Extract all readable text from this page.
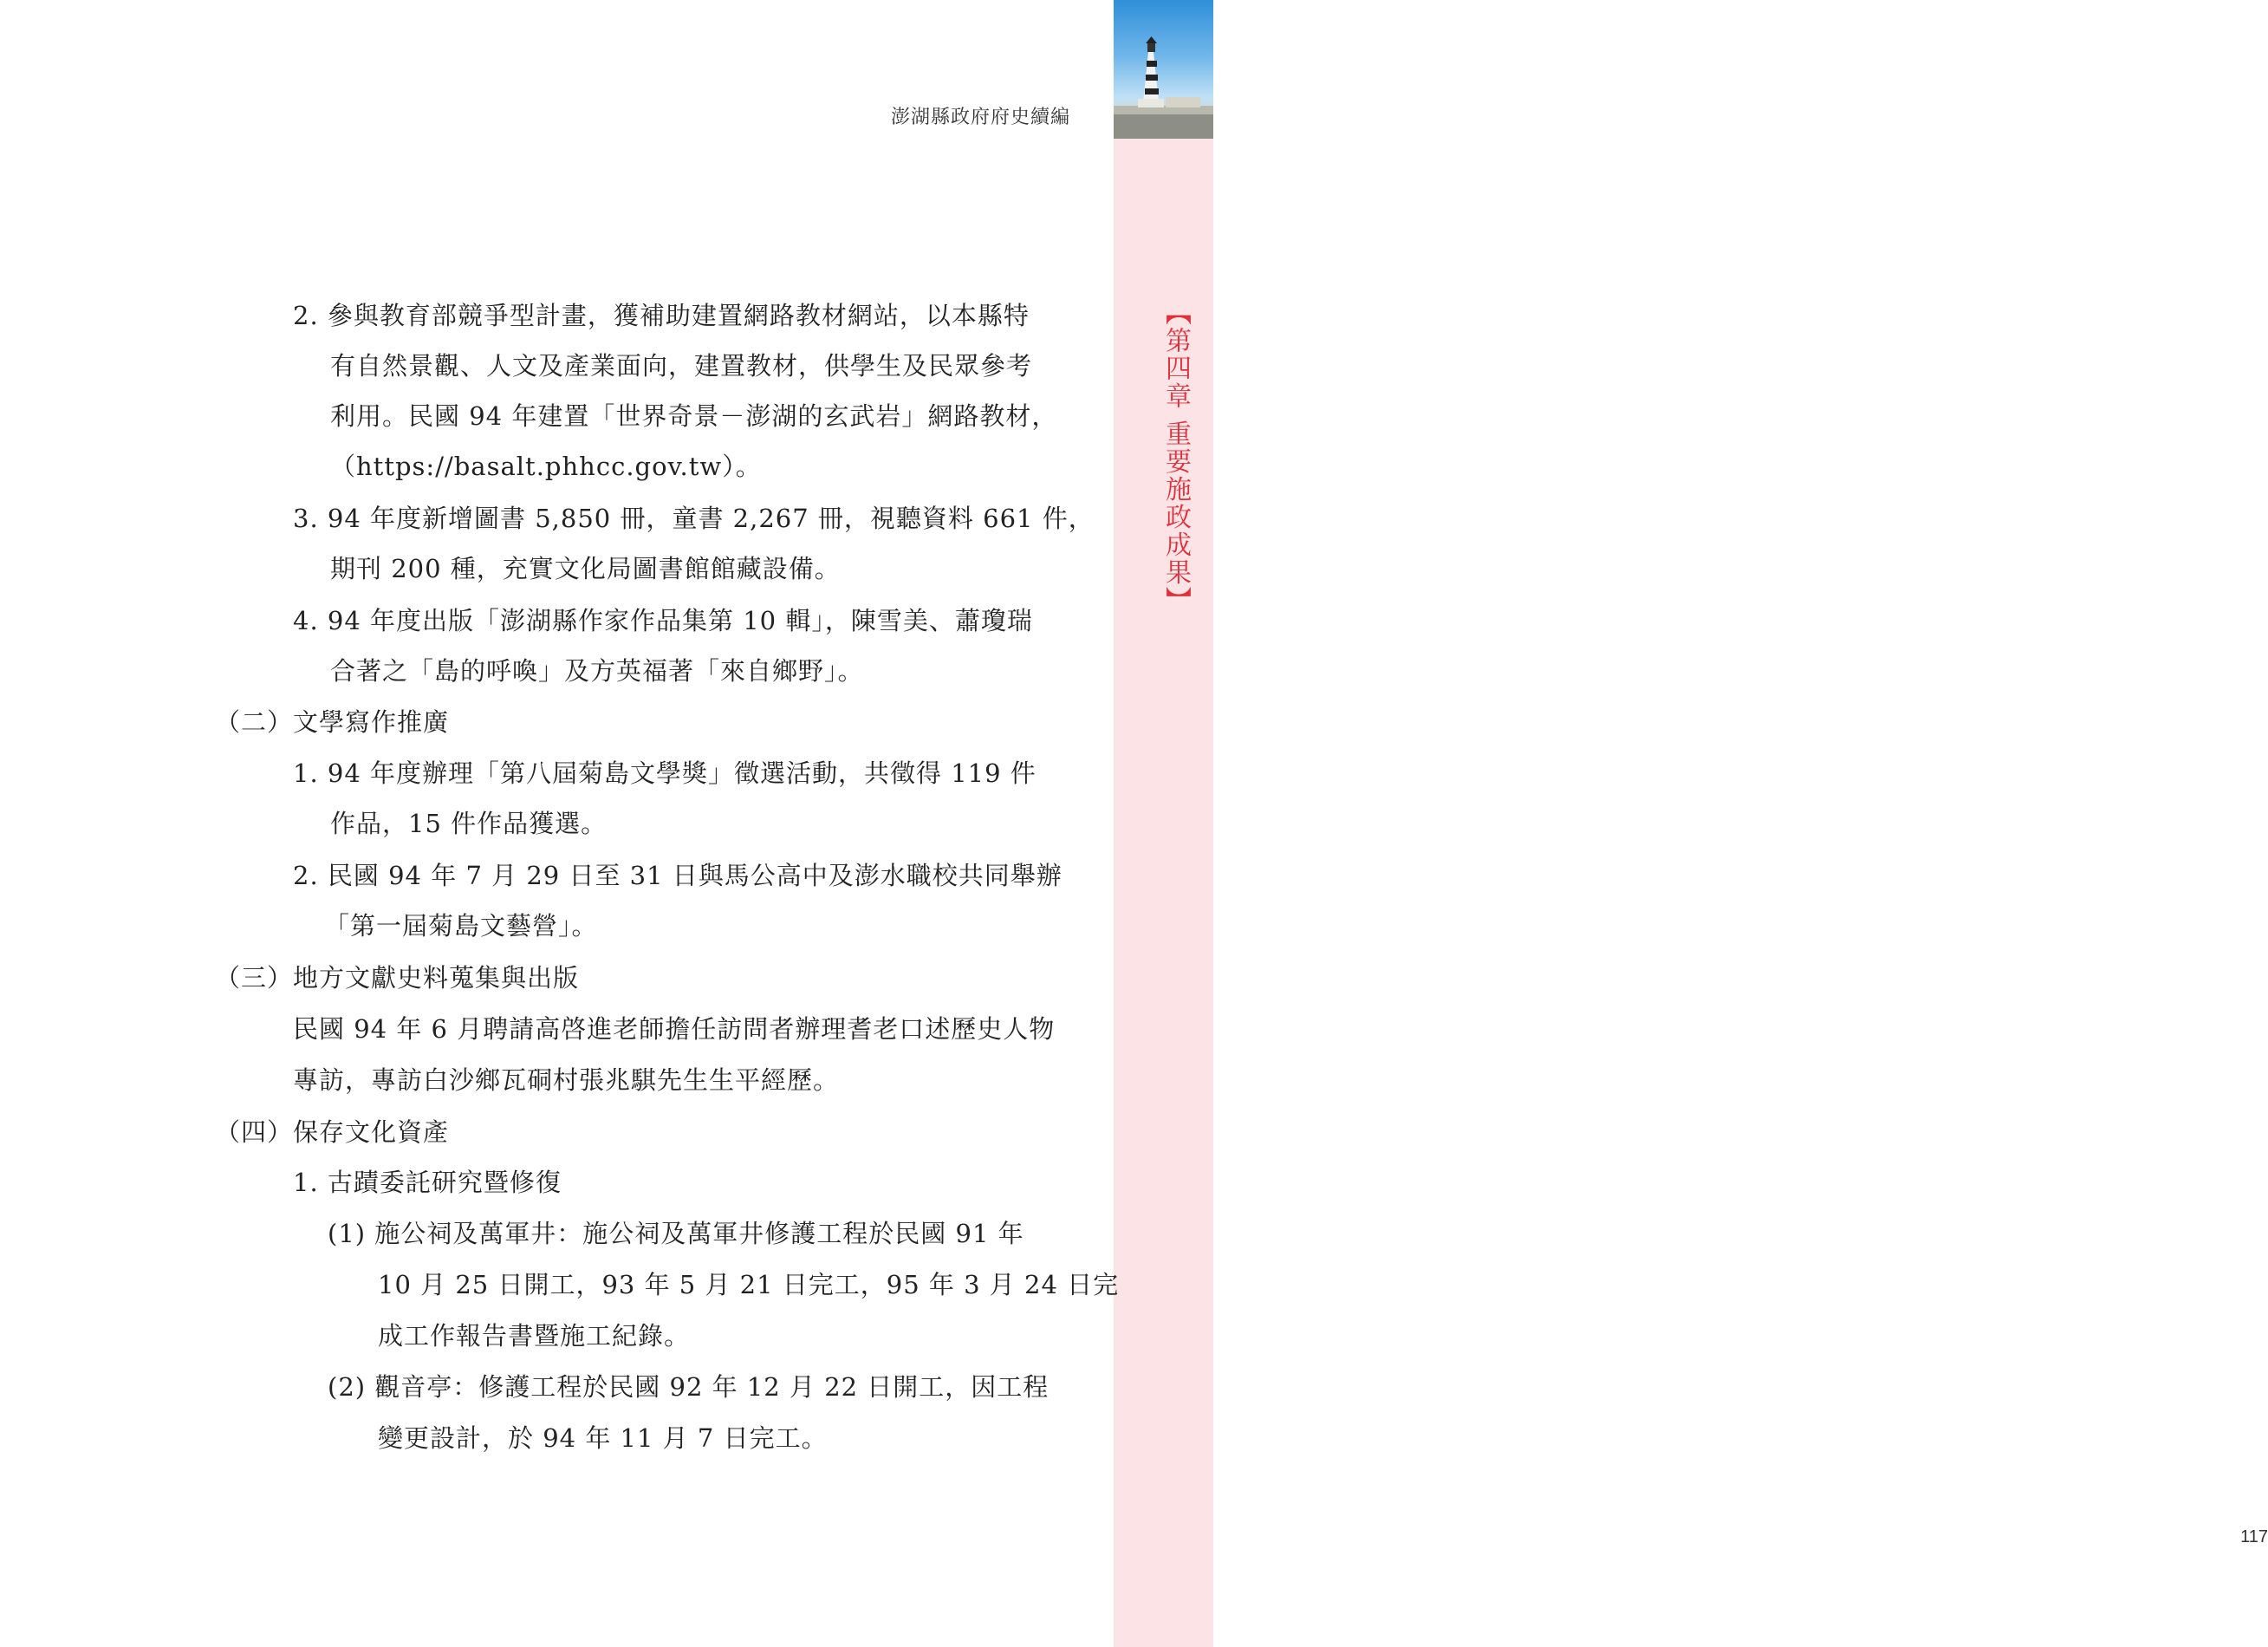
【第四章 重要施政成果】
117
澎湖縣政府府史續編
2. 參與教育部競爭型計畫，獲補助建置網路教材網站，以本縣特
有自然景觀、人文及產業面向，建置教材，供學生及民眾參考
利用。民國 94 年建置「世界奇景－澎湖的玄武岩」網路教材，
（https://basalt.phhcc.gov.tw）。
3. 94 年度新增圖書 5,850 冊，童書 2,267 冊，視聽資料 661 件，
期刊 200 種，充實文化局圖書館館藏設備。
4. 94 年度出版「澎湖縣作家作品集第 10 輯」，陳雪美、蕭瓊瑞
合著之「島的呼喚」及方英福著「來自鄉野」。
（二）文學寫作推廣
1. 94 年度辦理「第八屆菊島文學獎」徵選活動，共徵得 119 件
作品，15 件作品獲選。
2. 民國 94 年 7 月 29 日至 31 日與馬公高中及澎水職校共同舉辦
「第一屆菊島文藝營」。
（三）地方文獻史料蒐集與出版
民國 94 年 6 月聘請高啓進老師擔任訪問者辦理耆老口述歷史人物
專訪，專訪白沙鄉瓦硐村張兆騏先生生平經歷。
（四）保存文化資產
1. 古蹟委託研究暨修復
(1) 施公祠及萬軍井：施公祠及萬軍井修護工程於民國 91 年
10 月 25 日開工，93 年 5 月 21 日完工，95 年 3 月 24 日完
成工作報告書暨施工紀錄。
(2) 觀音亭：修護工程於民國 92 年 12 月 22 日開工，因工程
變更設計，於 94 年 11 月 7 日完工。
